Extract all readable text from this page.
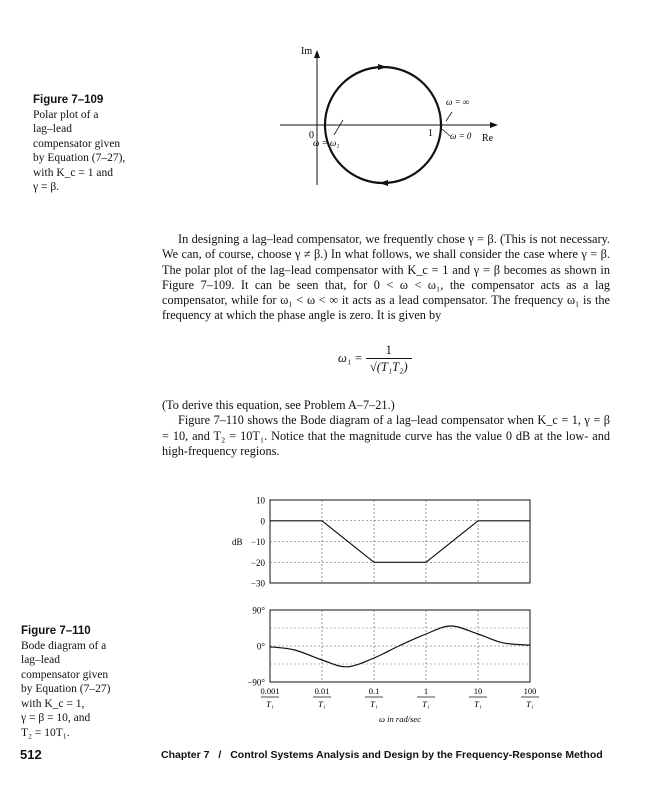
Figure 7–109
Polar plot of a
lag–lead
compensator given
by Equation (7–27),
with K_c = 1 and
γ = β.
Im
Re
0	1
ω = ∞
ω = 0
ω = ω₁

In designing a lag–lead compensator, we frequently chose γ = β. (This is not necessary. We can, of course, choose γ ≠ β.) In what follows, we shall consider the case where γ = β. The polar plot of the lag–lead compensator with K_c = 1 and γ = β becomes as shown in Figure 7–109. It can be seen that, for 0 < ω < ω₁, the compensator acts as a lag compensator, while for ω₁ < ω < ∞ it acts as a lead compensator. The frequency ω₁ is the frequency at which the phase angle is zero. It is given by

$\omega_1 = \frac{1}{\text{√(T₁T₂)}}$

(To derive this equation, see Problem A–7–21.)

Figure 7–110 shows the Bode diagram of a lag–lead compensator when K_c = 1, γ = β = 10, and T₂ = 10T₁. Notice that the magnitude curve has the value 0 dB at the low- and high-frequency regions.

Figure 7–110
Bode diagram of a
lag–lead
compensator given
by Equation (7–27)
with K_c = 1,
γ = β = 10, and
T₂ = 10T₁.
10
0
−10
−20
−30
dB
90°
0°
−90°
0.001
T₁
0.01
T₁
0.1
T₁
1
T₁
10
T₁
100
T₁
ω in rad/sec
512	Chapter 7 / Control Systems Analysis and Design by the Frequency-Response Method
